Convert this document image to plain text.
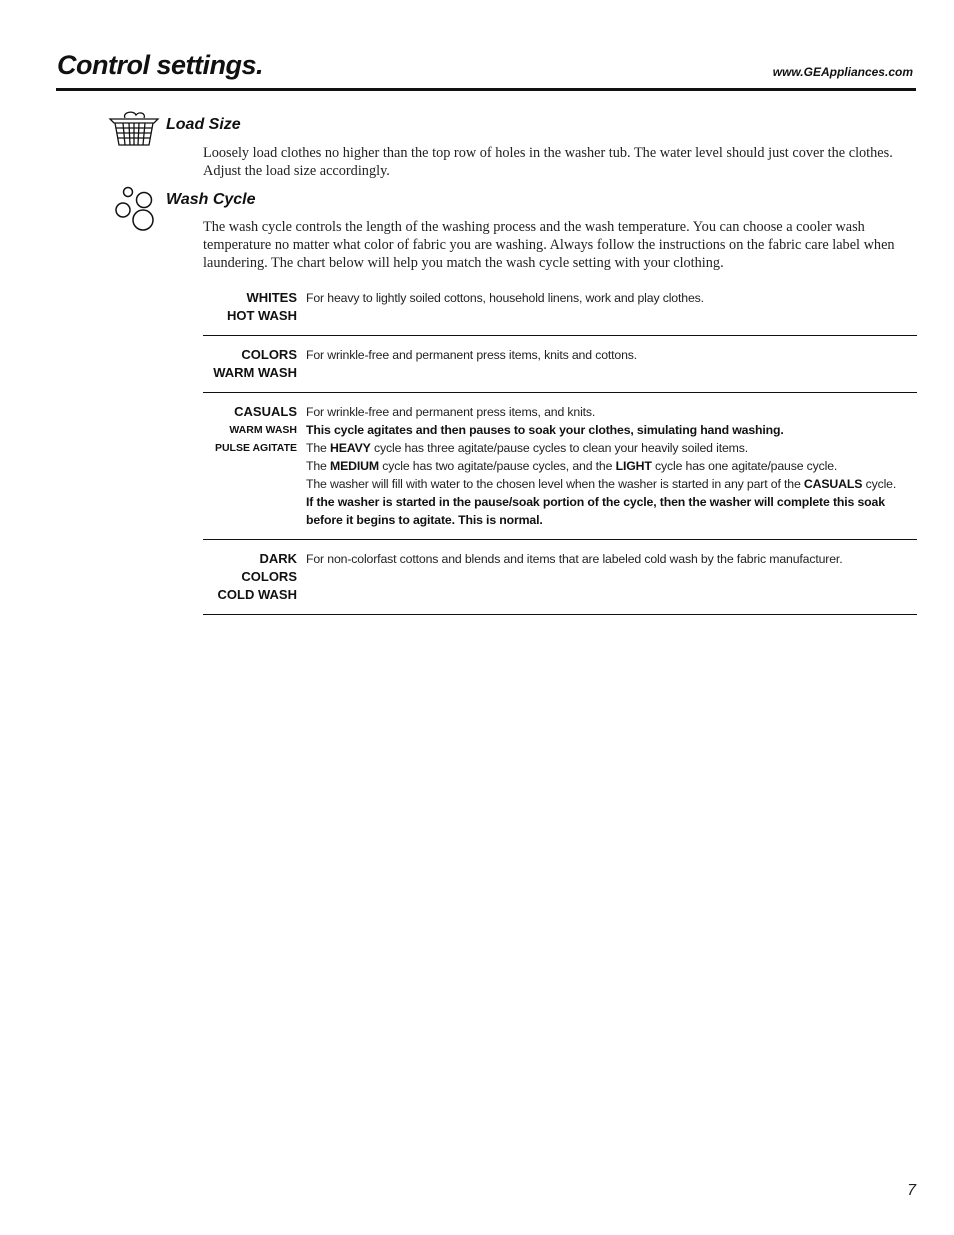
Control settings.	www.GEAppliances.com
Load Size
Loosely load clothes no higher than the top row of holes in the washer tub. The water level should just cover the clothes. Adjust the load size accordingly.
Wash Cycle
The wash cycle controls the length of the washing process and the wash temperature. You can choose a cooler wash temperature no matter what color of fabric you are washing. Always follow the instructions on the fabric care label when laundering. The chart below will help you match the wash cycle setting with your clothing.
WHITES
HOT WASH
For heavy to lightly soiled cottons, household linens, work and play clothes.
COLORS
WARM WASH
For wrinkle-free and permanent press items, knits and cottons.
CASUALS
WARM WASH
PULSE AGITATE
For wrinkle-free and permanent press items, and knits.
This cycle agitates and then pauses to soak your clothes, simulating hand washing.
The HEAVY cycle has three agitate/pause cycles to clean your heavily soiled items.
The MEDIUM cycle has two agitate/pause cycles, and the LIGHT cycle has one agitate/pause cycle.
The washer will fill with water to the chosen level when the washer is started in any part of the CASUALS cycle.
If the washer is started in the pause/soak portion of the cycle, then the washer will complete this soak before it begins to agitate. This is normal.
DARK COLORS
COLD WASH
For non-colorfast cottons and blends and items that are labeled cold wash by the fabric manufacturer.
7
